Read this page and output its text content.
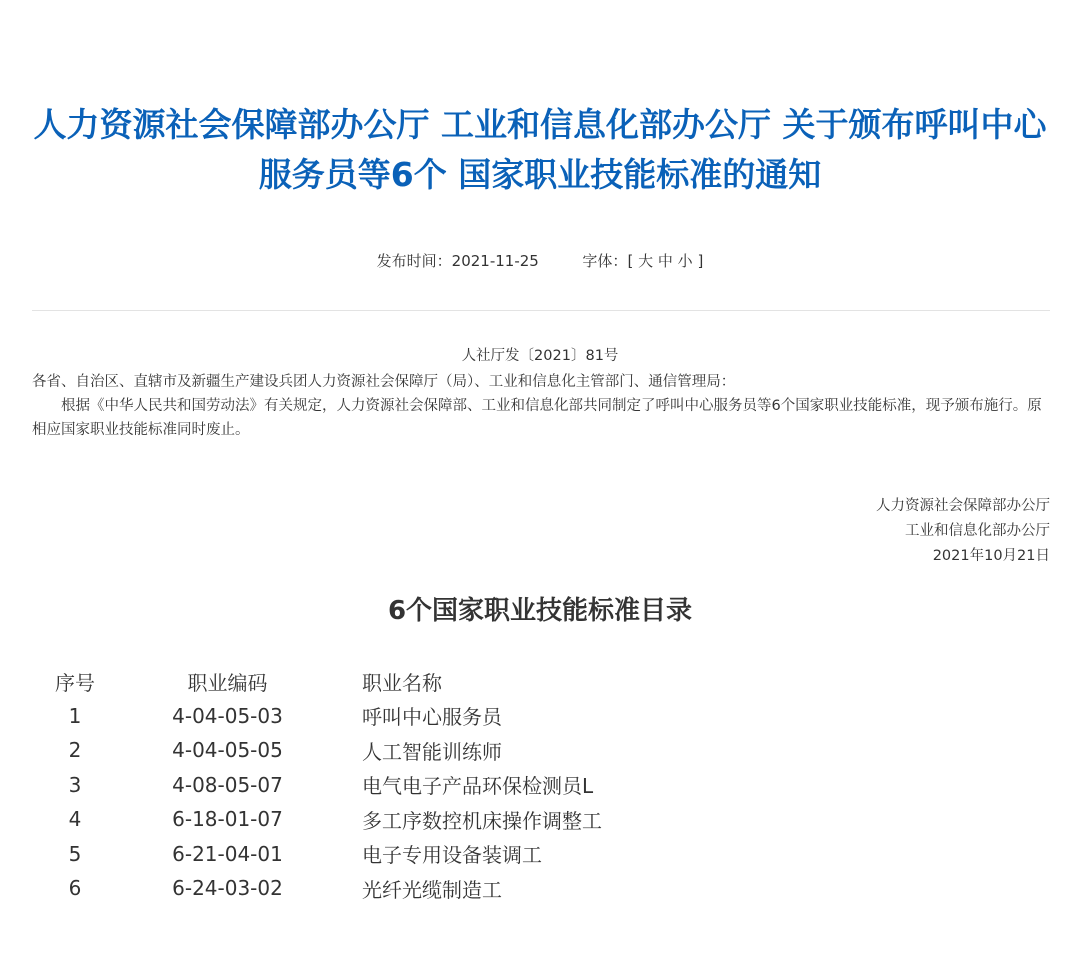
人力资源社会保障部办公厅 工业和信息化部办公厅 关于颁布呼叫中心服务员等6个 国家职业技能标准的通知
发布时间：2021-11-25	字体：[ 大 中 小 ]
人社厅发〔2021〕81号

各省、自治区、直辖市及新疆生产建设兵团人力资源社会保障厅（局）、工业和信息化主管部门、通信管理局：

根据《中华人民共和国劳动法》有关规定，人力资源社会保障部、工业和信息化部共同制定了呼叫中心服务员等6个国家职业技能标准，现予颁布施行。原相应国家职业技能标准同时废止。

人力资源社会保障部办公厅
工业和信息化部办公厅
2021年10月21日
6个国家职业技能标准目录
序号	职业编码	职业名称
1	4-04-05-03	呼叫中心服务员
2	4-04-05-05	人工智能训练师
3	4-08-05-07	电气电子产品环保检测员L
4	6-18-01-07	多工序数控机床操作调整工
5	6-21-04-01	电子专用设备装调工
6	6-24-03-02	光纤光缆制造工
